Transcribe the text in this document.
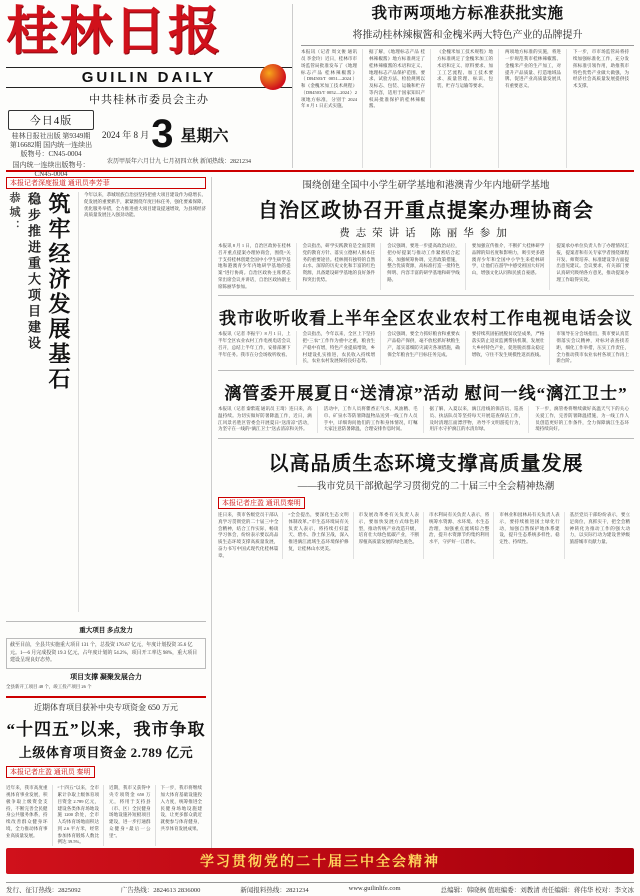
桂林日报
GUILIN DAILY
中共桂林市委员会主办
今日4版
桂林日报社出版 第9349期 第16682期 国内统一连续出版物号：CN45-0004
国内统一连续出版物号：CN45-0004
2024 年 8 月 3 星期六
农历甲辰年六月廿九 七月初四立秋 新闻热线：2821234
我市两项地方标准获批实施
将推动桂林辣椒酱和金槐米两大特色产业的品牌提升
本报讯（记者 周文俊 通讯员 李金玲）近日，桂林市市场监管局批准发布了《地理标志产品 桂林辣椒酱》（DB4503/T 0051—2024）和《金槐米加工技术规程》（DB4503/T 0052—2024）2 项地方标准，分别于 2024 年 8 月 1 日正式实施。
据了解，《地理标志产品 桂林辣椒酱》地方标准规定了桂林辣椒酱的术语和定义、地理标志产品保护范围、要求、试验方法、检验规则以及标志、包装、运输和贮存等内容，适用于国家知识产权局批准保护的桂林辣椒酱。
《金槐米加工技术规程》地方标准规定了金槐米加工的术语和定义、原料要求、加工工艺流程、加工技术要求、质量管理、标识、包装、贮存与运输等要求。
两项地方标准的实施，将进一步规范我市桂林辣椒酱、金槐米产业的生产加工，对提升产品质量、打造地域品牌、促进产业高质量发展具有重要意义。
下一步，市市场监管局将持续加强标准化工作，充分发挥标准引领作用，助推我市特色优势产业做大做强，为经济社会高质量发展提供技术支撑。
本报记者深度报道 通讯员李芳菲
恭城： 稳步推进重大项目建设 筑牢经济发展基石	今年以来，恭城瑶族自治县坚持把重大项目建设作为稳增长、促发展的重要抓手，紧紧围绕年度目标任务，强化要素保障，优化服务举措，全力推进重大项目建设提速增效，为县域经济高质量发展注入强劲动能。
重大项目 多点发力
截至目前，全县共实施重大项目 131 个，总投资 176.67 亿元，年度计划投资 35.6 亿元。1—6 月完成投资 19.3 亿元，占年度计划的 54.2%，项目开工率达 98%，重大项目建设呈现良好态势。
项目支撑 凝聚发展合力
全县新开工项目 48 个，竣工投产项目 26 个
近期体育项目获补中央专项资金 650 万元
“十四五”以来，我市争取
上级体育项目资金 2.789 亿元
本报记者庄盈 通讯员 秦明
近年来，我市高度重视体育事业发展，积极争取上级资金支持，不断完善全民健身公共服务体系，持续改善群众健身环境，全力推动体育事业高质量发展。
“十四五”以来，全市累计争取上级体育项目资金 2.789 亿元，建设各类体育场地设施 1200 余处，全市人均体育场地面积达到 2.6 平方米，经常参加体育锻炼人数比例达 39.5%。
近期，我市又获得中央专项资金 650 万元，将用于支持县（市、区）全民健身场地设施补短板项目建设，进一步打通群众健身“最后一公里”。
下一步，我市将继续加大体育基础设施投入力度，统筹推进全民健身场地设施建设，让更多群众就近就便参与体育健身，共享体育发展成果。
围绕创建全国中小学生研学基地和港澳青少年内地研学基地
自治区政协召开重点提案办理协商会
费志荣讲话 陈丽华参加
本报讯 8 月 1 日，自治区政协在桂林召开重点提案办理协商会，围绕“关于支持桂林创建全国中小学生研学基地和港澳青少年内地研学基地的提案”进行协商。自治区政协主席费志荣出席会议并讲话，自治区政协副主席陈丽华参加。
会议指出，研学实践教育是全面贯彻党的教育方针、落实立德树人根本任务的重要途径。桂林拥有独特的自然山水、深厚的历史文化和丰富的红色资源，具备建设研学基地的良好条件和突出优势。
会议强调，要进一步提高政治站位，把办好提案与推动工作紧密结合起来，加强统筹协调，完善政策措施，整合优质资源，高标准打造一批特色鲜明、内容丰富的研学基地和研学线路。
要加强宣传推介，不断扩大桂林研学品牌的知名度和影响力，吸引更多港澳青少年和全国中小学生来桂林研学，让他们在游学中感受祖国大好河山，增强文化认同和民族自豪感。
提案承办单位负责人作了办理情况汇报，提案者和有关专家学者围绕课程开发、师资培养、标准建设等方面提出意见建议。会议要求，有关部门要认真研究吸纳各方意见，推动提案办理工作取得实效。
我市收听收看上半年全区农业农村工作电视电话会议
本报讯（记者 李振宇）8 月 1 日，上半年全区农业农村工作电视电话会议召开，总结上半年工作，安排部署下半年任务。我市在分会场收听收看。
会议指出，今年以来，全区上下坚持把“三农”工作作为重中之重，粮食生产稳中有增，特色产业提质增效，乡村建设扎实推进，农民收入持续增长，农业农村发展保持良好态势。
会议强调，要全力抓好粮食和重要农产品稳产保供，毫不放松抓好秋粮生产，落实落细防灾减灾各项措施，确保全年粮食生产目标任务完成。
要持续巩固拓展脱贫攻坚成果，严格落实防止返贫监测帮扶机制，发展壮大乡村特色产业，促进脱贫群众稳定增收，守住不发生规模性返贫底线。
市领导在分会场指出，我市要认真贯彻落实会议精神，对标对表查找差距，细化工作举措，压实工作责任，全力推动我市农业农村各项工作再上新台阶。
漓管委开展夏日“送清凉”活动 慰问一线“漓江卫士”
本报讯（记者 秦紫霞 通讯员 王琦）连日来，高温持续。为切实做好防暑降温工作，近日，漓江风景名胜区管委会开展夏日“送清凉”活动，为坚守在一线的“漓江卫士”送去清凉和关怀。
活动中，工作人员将藿香正气水、风油精、毛巾、矿泉水等防暑降温物品送到一线工作人员手中，详细询问他们的工作和身体情况，叮嘱大家注意防暑降温，合理安排作息时间。
据了解，入夏以来，漓江沿线的保洁员、巡查员、执法队员等坚持每天开展巡查保洁工作，及时清理江面漂浮物，劝导不文明游览行为，用汗水守护漓江的水清岸绿。
下一步，漓管委将继续做好高温天气下的关心关爱工作，完善防暑降温措施，为一线工作人员创造更好的工作条件，全力保障漓江生态环境持续向好。
以高品质生态环境支撑高质量发展
——我市党员干部掀起学习贯彻党的二十届三中全会精神热潮
本报记者庄盈 通讯员秦明
连日来，我市各级党员干部认真学习贯彻党的二十届三中全会精神，结合工作实际，畅谈学习体会，纷纷表示要以高品质生态环境支撑高质量发展，奋力书写中国式现代化桂林篇章。
“全会提出，要深化生态文明体制改革。”市生态环境局有关负责人表示，将持续打好蓝天、碧水、净土保卫战，深入推进漓江流域生态环境保护修复，让桂林山水更美。
市发展改革委有关负责人表示，要加快发展方式绿色转型，推动传统产业改造升级，培育壮大绿色低碳产业，不断厚植高质量发展的绿色底色。
市水利局有关负责人表示，将统筹水资源、水环境、水生态治理，加强重点流域综合整治，提升水资源节约集约利用水平，守护好一江碧水。
市林业和园林局有关负责人表示，要持续推进国土绿化行动，加强自然保护地体系建设，提升生态系统多样性、稳定性、持续性。
基层党员干部纷纷表示，要立足岗位，真抓实干，把全会精神转化为推动工作的强大动力，以实际行动为建设世界级旅游城市贡献力量。
学习贯彻党的二十届三中全会精神
发行、征订热线：2825092	广告热线：2824613 2836000	新闻报料热线：2821234	www.guilinlife.com	总编辑：韩晓枫 值班编委：刘教清 责任编辑：蒋伟华 校对：李文冰
